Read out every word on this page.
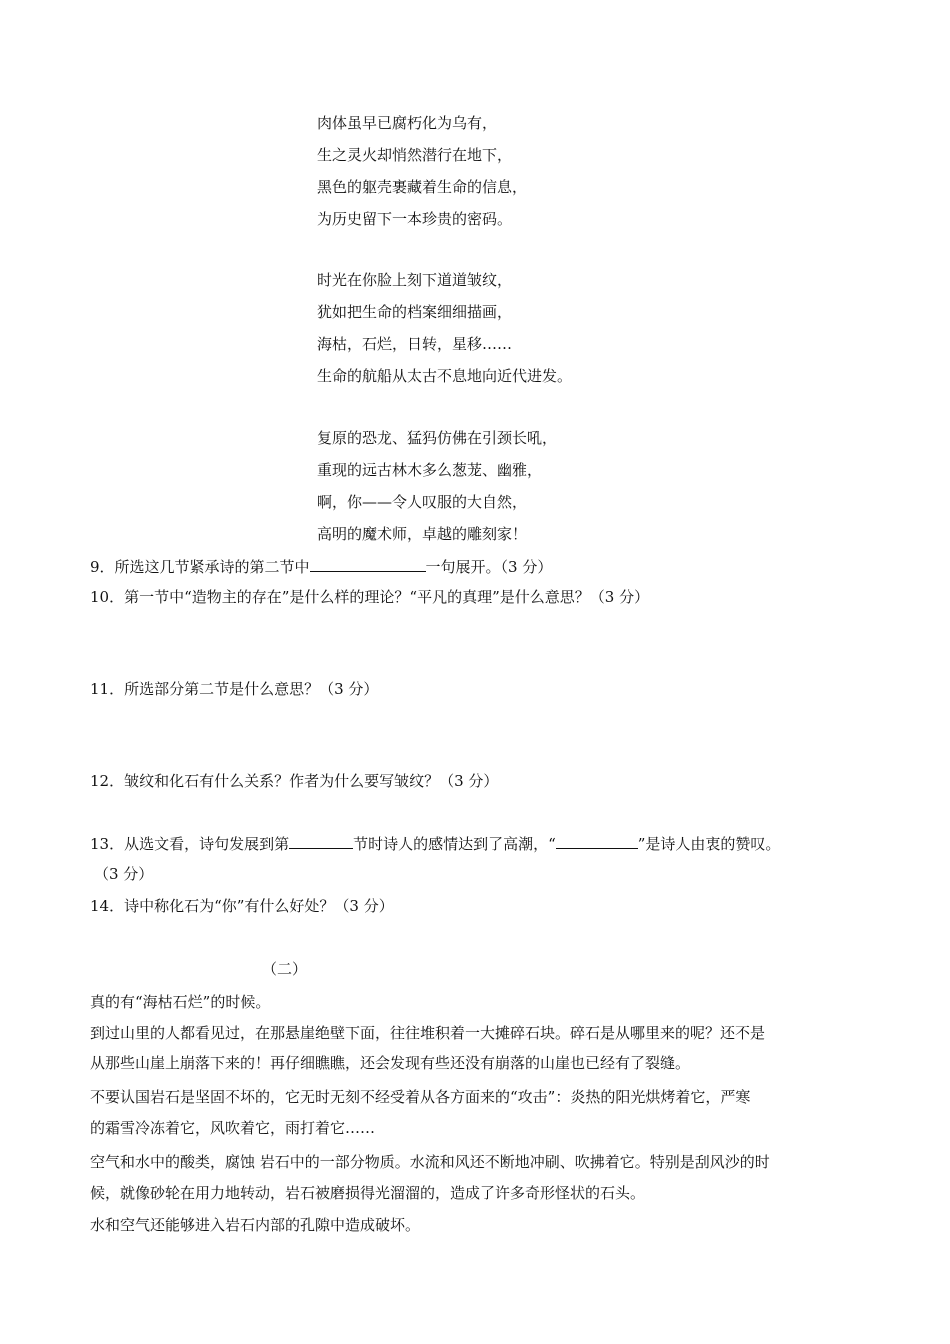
肉体虽早已腐朽化为乌有，
生之灵火却悄然潜行在地下，
黑色的躯壳裹藏着生命的信息，
为历史留下一本珍贵的密码。
时光在你脸上刻下道道皱纹，
犹如把生命的档案细细描画，
海枯，石烂，日转，星移……
生命的航船从太古不息地向近代进发。
复原的恐龙、猛犸仿佛在引颈长吼，
重现的远古林木多么葱茏、幽雅，
啊，你——令人叹服的大自然，
高明的魔术师，卓越的雕刻家！
9．所选这几节紧承诗的第二节中	一句展开。（3 分）
10．第一节中“造物主的存在”是什么样的理论？“平凡的真理”是什么意思？（3 分）
11．所选部分第二节是什么意思？（3 分）
12．皱纹和化石有什么关系？作者为什么要写皱纹？（3 分）
13．从选文看，诗句发展到第	节时诗人的感情达到了高潮，“	”是诗人由衷的赞叹。
（3 分）
14．诗中称化石为“你”有什么好处？（3 分）
（二）
真的有“海枯石烂”的时候。
到过山里的人都看见过，在那悬崖绝壁下面，往往堆积着一大摊碎石块。碎石是从哪里来的呢？还不是
从那些山崖上崩落下来的！再仔细瞧瞧，还会发现有些还没有崩落的山崖也已经有了裂缝。
不要认国岩石是坚固不坏的，它无时无刻不经受着从各方面来的“攻击”：炎热的阳光烘烤着它，严寒
的霜雪冷冻着它，风吹着它，雨打着它……
空气和水中的酸类，腐蚀 岩石中的一部分物质。水流和风还不断地冲刷、吹拂着它。特别是刮风沙的时
候，就像砂轮在用力地转动，岩石被磨损得光溜溜的，造成了许多奇形怪状的石头。
水和空气还能够进入岩石内部的孔隙中造成破坏。
